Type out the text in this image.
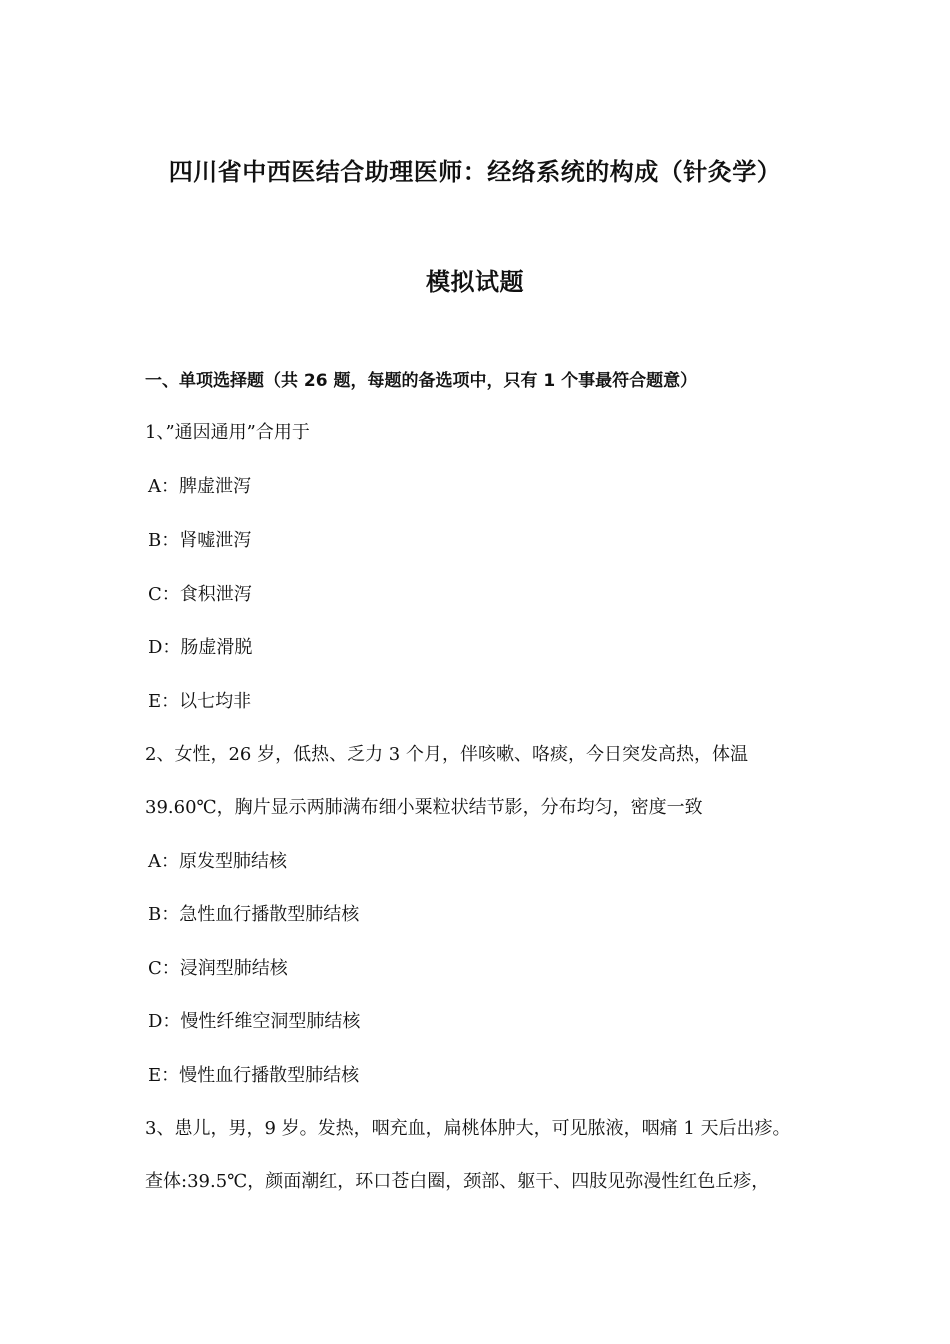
四川省中西医结合助理医师：经络系统的构成（针灸学）
模拟试题
一、单项选择题（共 26 题，每题的备选项中，只有 1 个事最符合题意）
1、”通因通用”合用于
A：脾虚泄泻
B：肾嘘泄泻
C：食积泄泻
D：肠虚滑脱
E：以七均非
2、女性，26 岁，低热、乏力 3 个月，伴咳嗽、咯痰，今日突发高热，体温
39.60℃，胸片显示两肺满布细小粟粒状结节影，分布均匀，密度一致
A：原发型肺结核
B：急性血行播散型肺结核
C：浸润型肺结核
D：慢性纤维空洞型肺结核
E：慢性血行播散型肺结核
3、患儿，男，9 岁。发热，咽充血，扁桃体肿大，可见脓液，咽痛 1 天后出疹。
查体:39.5℃，颜面潮红，环口苍白圈，颈部、躯干、四肢见弥漫性红色丘疹，
